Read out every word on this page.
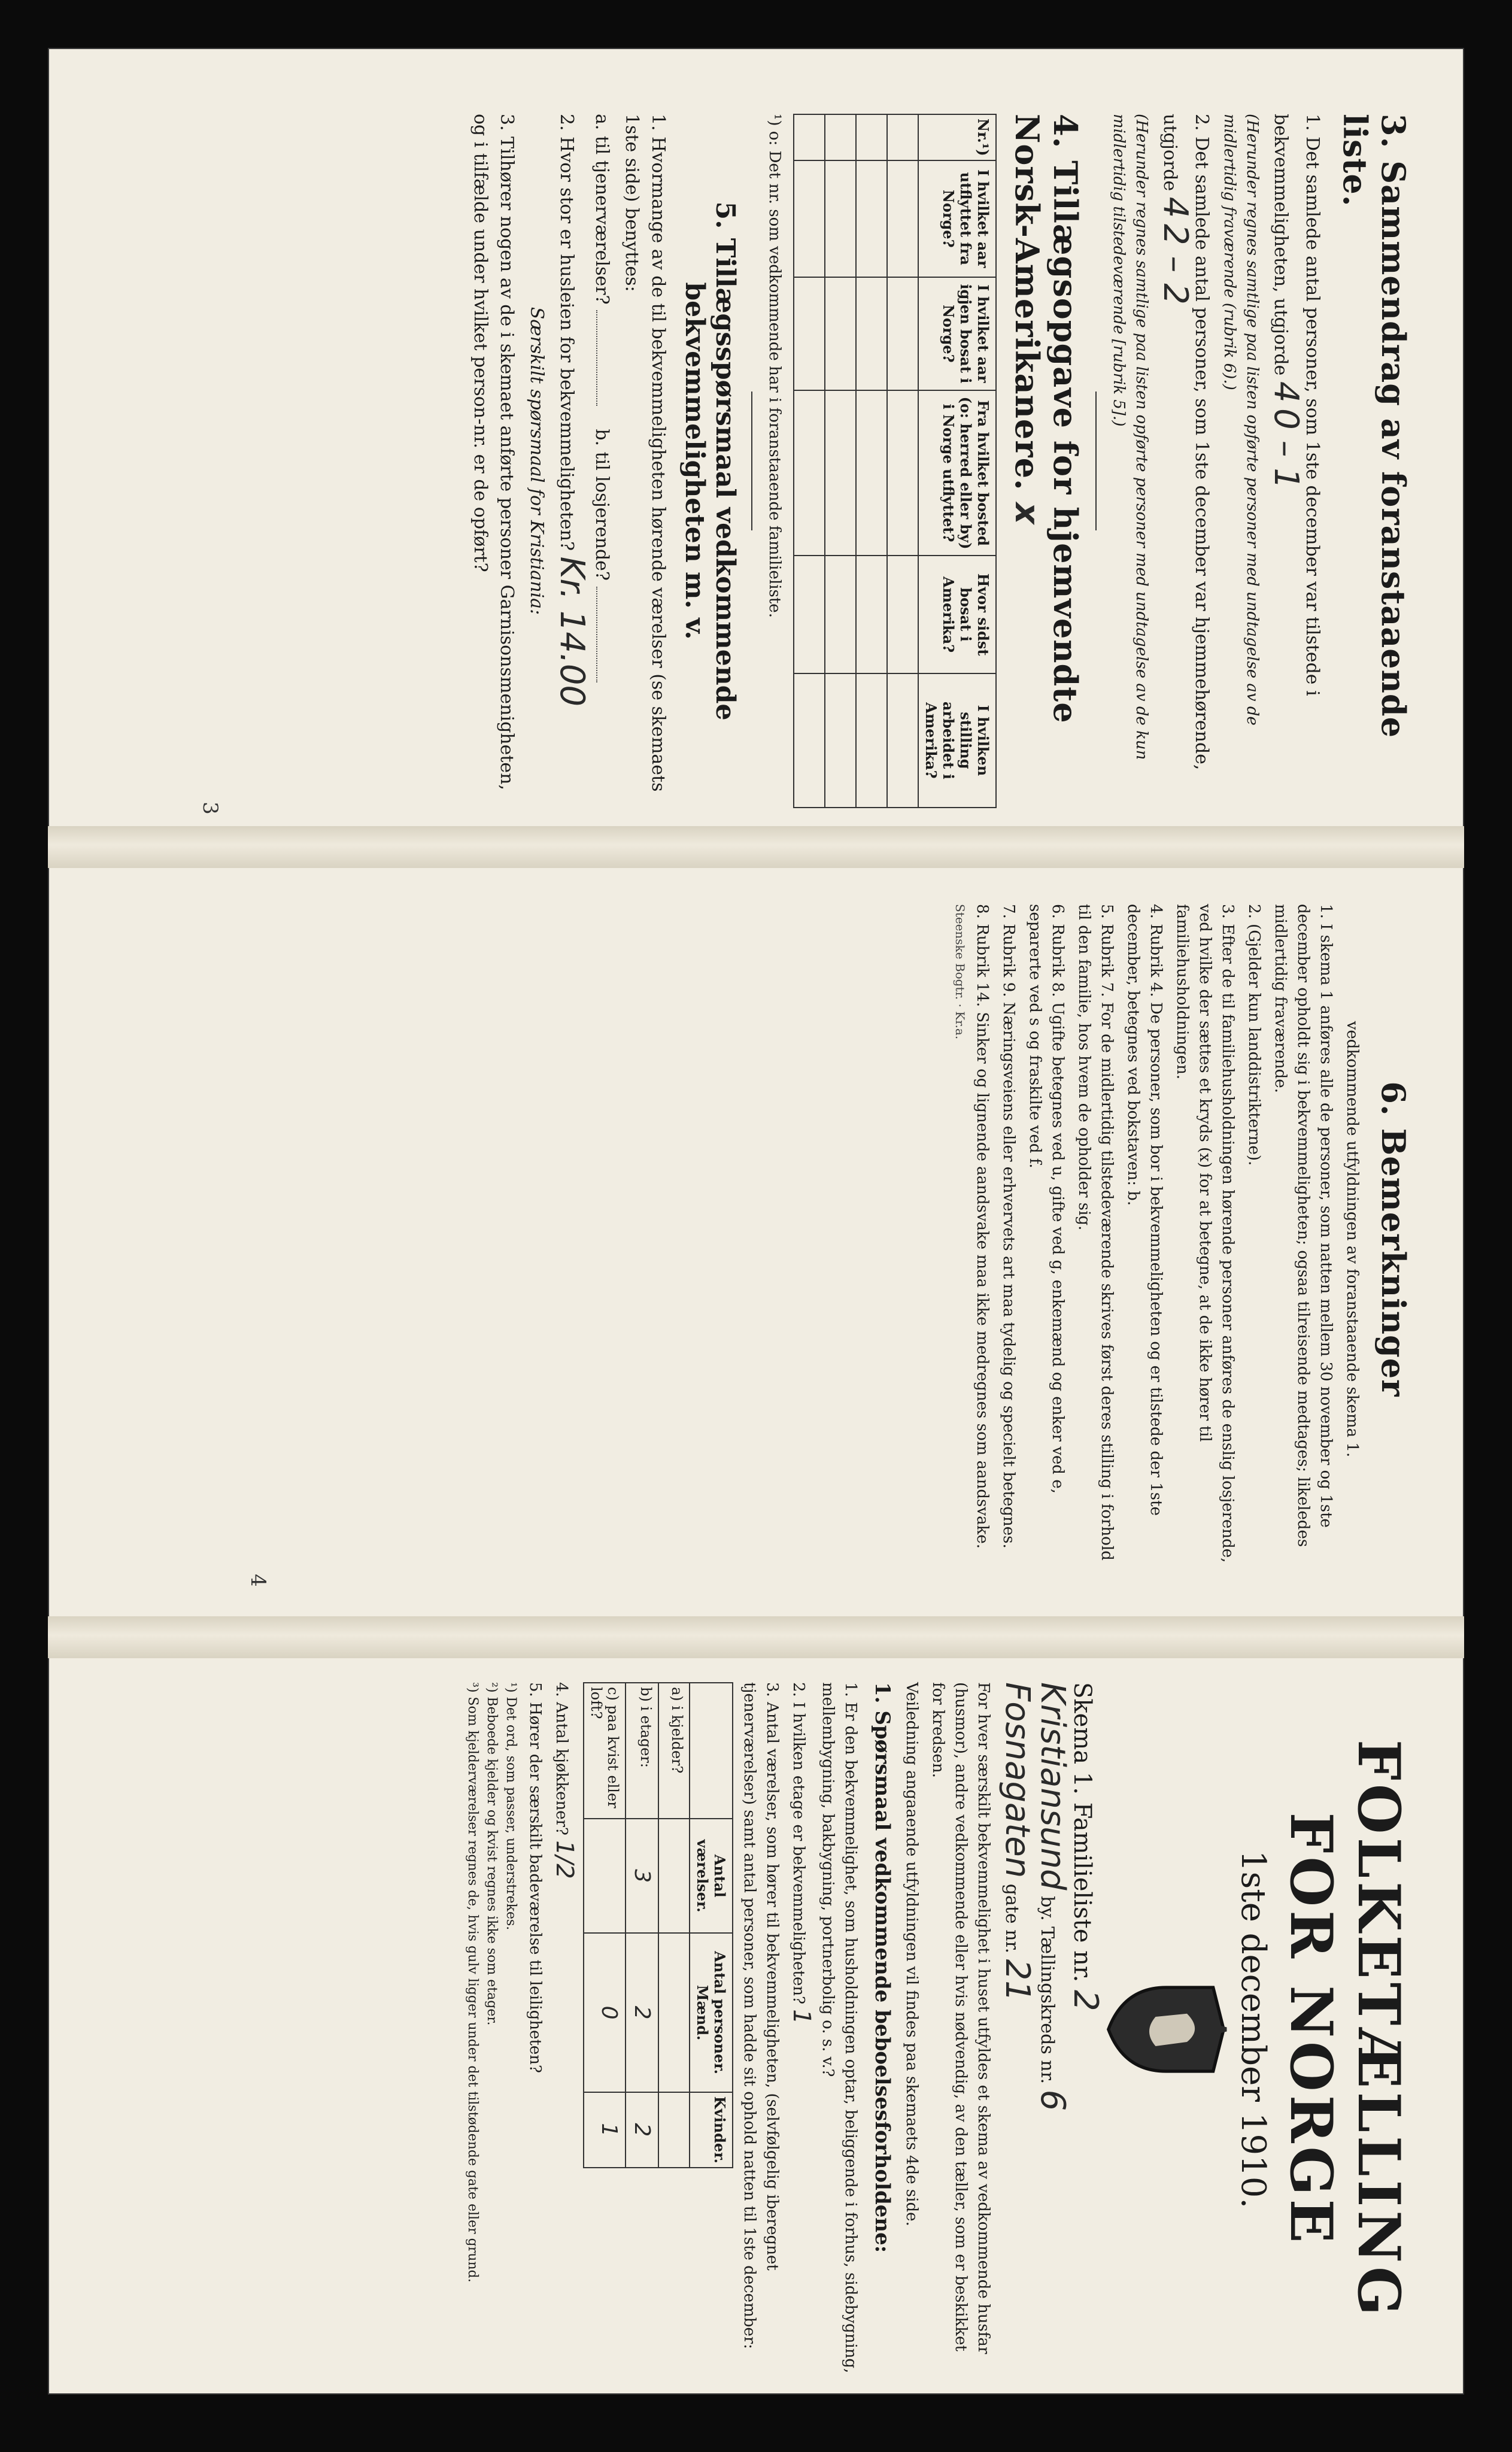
3. Sammendrag av foranstaaende liste.
1. Det samlede antal personer, som 1ste december var tilstede i bekvemmeligheten, utgjorde 4 0 – 1
(Herunder regnes samtlige paa listen opførte personer med undtagelse av de midlertidig fraværende (rubrik 6).)
2. Det samlede antal personer, som 1ste december var hjemmehørende, utgjorde 4 2 – 2
(Herunder regnes samtlige paa listen opførte personer med undtagelse av de kun midlertidig tilstedeværende [rubrik 5].)
4. Tillægsopgave for hjemvendte Norsk-Amerikanere. x
Nr.¹)	I hvilket aar utflyttet fra Norge?	I hvilket aar igjen bosat i Norge?	Fra hvilket bosted (o: herred eller by) i Norge utflyttet?	Hvor sidst bosat i Amerika?	I hvilken stilling arbeidet i Amerika?

¹) o: Det nr. som vedkommende har i foranstaaende familieliste.
5. Tillægsspørsmaal vedkommende bekvemmeligheten m. v.
1. Hvormange av de til bekvemmeligheten hørende værelser (se skemaets 1ste side) benyttes:
a. til tjenerværelser?     b. til losjerende?
2. Hvor stor er husleien for bekvemmeligheten? Kr. 14.00
Særskilt spørsmaal for Kristiania:
3. Tilhører nogen av de i skemaet anførte personer Garnisonsmenigheten, og i tilfælde under hvilket person-nr. er de opført?
6. Bemerkninger
vedkommende utfyldningen av foranstaaende skema 1.
1. I skema 1 anføres alle de personer, som natten mellem 30 november og 1ste december opholdt sig i bekvemmeligheten; ogsaa tilreisende medtages; likeledes midlertidig fraværende.
2. (Gjelder kun landdistrikterne).
3. Efter de til familiehusholdningen hørende personer anføres de enslig losjerende, ved hvilke der sættes et kryds (x) for at betegne, at de ikke hører til familiehusholdningen.
4. Rubrik 4. De personer, som bor i bekvemmeligheten og er tilstede der 1ste december, betegnes ved bokstaven: b.
5. Rubrik 7. For de midlertidig tilstedeværende skrives først deres stilling i forhold til den familie, hos hvem de opholder sig.
6. Rubrik 8. Ugifte betegnes ved u, gifte ved g, enkemænd og enker ved e, separerte ved s og fraskilte ved f.
7. Rubrik 9. Næringsveiens eller erhvervets art maa tydelig og specielt betegnes.
8. Rubrik 14. Sinker og lignende aandsvake maa ikke medregnes som aandsvake.
Steenske Bogtr. · Kr.a.
FOLKETÆLLING FOR NORGE
1ste december 1910.
Skema 1. Familieliste nr. 2
Kristiansund by. Tællingskreds nr. 6
Fosnagaten gate nr. 21
For hver særskilt bekvemmelighet i huset utfyldes et skema av vedkommende husfar (husmor), andre vedkommende eller hvis nødvendig, av den tæller, som er beskikket for kredsen.
Veiledning angaaende utfyldningen vil findes paa skemaets 4de side.
1. Spørsmaal vedkommende beboelsesforholdene:
1. Er den bekvemmelighet, som husholdningen optar, beliggende i forhus, sidebygning, mellembygning, bakbygning, portnerbolig o. s. v.?
2. I hvilken etage er bekvemmeligheten? 1
3. Antal værelser, som hører til bekvemmeligheten, (selvfølgelig iberegnet tjenerværelser) samt antal personer, som hadde sit ophold natten til 1ste december:
	Antal værelser.	Antal personer. Mænd.	Kvinder.
a) i kjelder?			
b) i etager:	3	2	2
c) paa kvist eller loft?		0	1
4. Antal kjøkkener? 1/2
5. Hører der særskilt badeværelse til leiligheten?
¹) Det ord, som passer, understrekes.
²) Beboede kjelder og kvist regnes ikke som etager.
³) Som kjelderværelser regnes de, hvis gulv ligger under det tilstødende gate eller grund.
3
4
